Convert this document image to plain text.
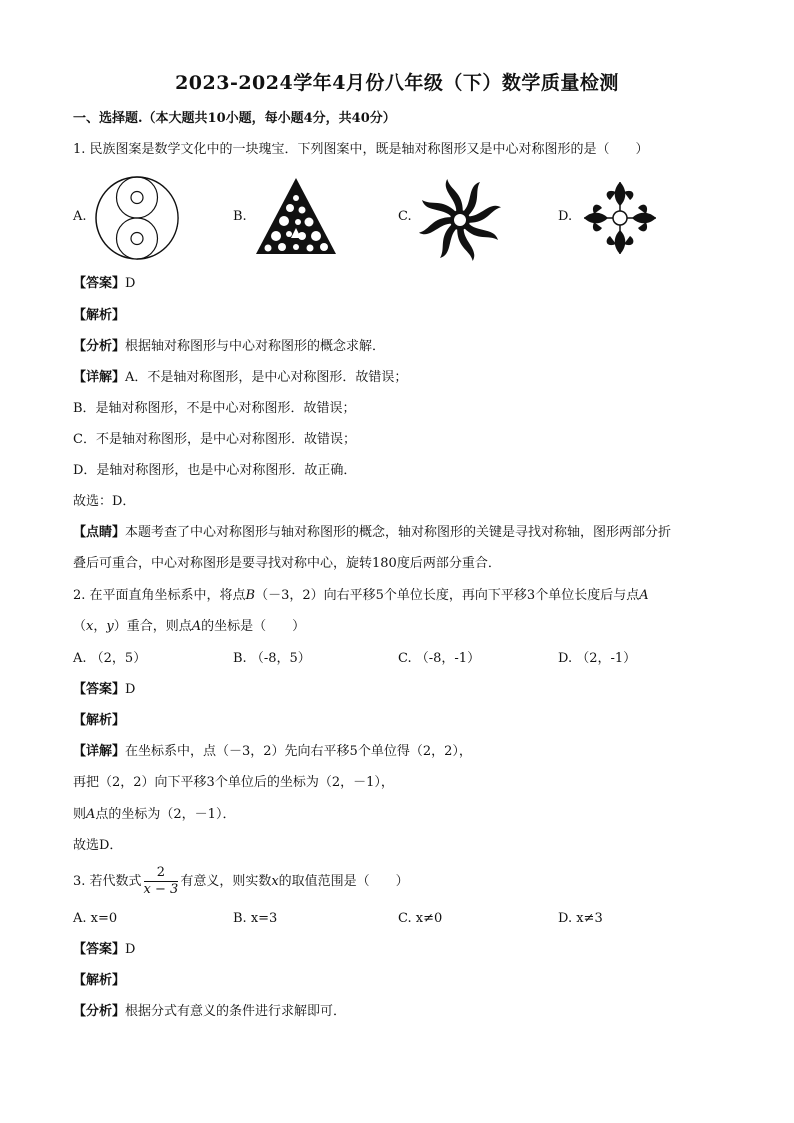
2023-2024学年4月份八年级（下）数学质量检测
一、选择题.（本大题共10小题，每小题4分，共40分）
1. 民族图案是数学文化中的一块瑰宝．下列图案中，既是轴对称图形又是中心对称图形的是（　　）
A.	B.	C.	D.
【答案】D
【解析】
【分析】根据轴对称图形与中心对称图形的概念求解．
【详解】A．不是轴对称图形，是中心对称图形．故错误；
B．是轴对称图形，不是中心对称图形．故错误；
C．不是轴对称图形，是中心对称图形．故错误；
D．是轴对称图形，也是中心对称图形．故正确．
故选：D．
【点睛】本题考查了中心对称图形与轴对称图形的概念，轴对称图形的关键是寻找对称轴，图形两部分折
叠后可重合，中心对称图形是要寻找对称中心，旋转180度后两部分重合．
2. 在平面直角坐标系中，将点B（－3，2）向右平移5个单位长度，再向下平移3个单位长度后与点A
（x，y）重合，则点A的坐标是（　　）
A. （2，5）	B. （-8，5）	C. （-8，-1）	D. （2，-1）
【答案】D
【解析】
【详解】在坐标系中，点（－3，2）先向右平移5个单位得（2，2），
再把（2，2）向下平移3个单位后的坐标为（2，－1），
则A点的坐标为（2，－1）．
故选D．
3. 若代数式 $\frac{2}{x - 3}$ 有意义，则实数x的取值范围是（　　）
A. x=0	B. x=3	C. x≠0	D. x≠3
【答案】D
【解析】
【分析】根据分式有意义的条件进行求解即可．
